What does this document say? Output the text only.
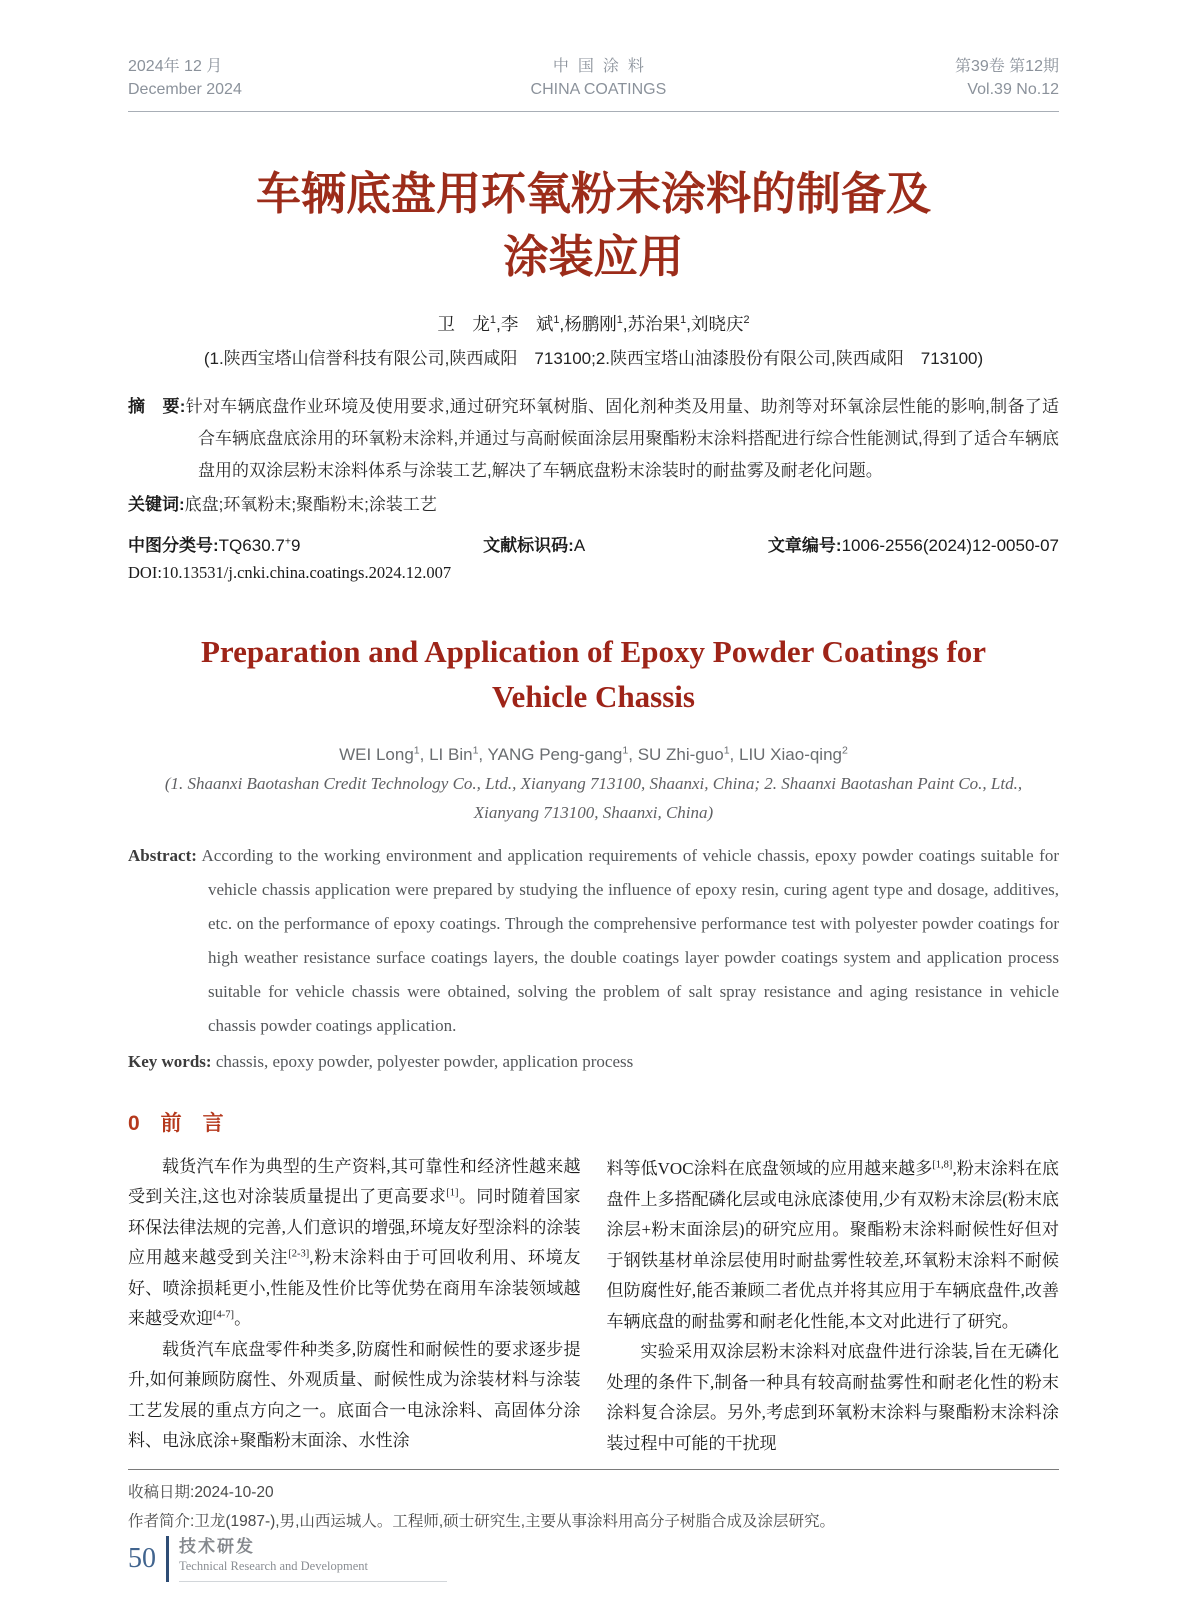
2024年 12 月
December 2024
中国涂料
CHINA COATINGS
第39卷 第12期
Vol.39 No.12
车辆底盘用环氧粉末涂料的制备及
涂装应用
卫　龙$^1$,李　斌$^1$,杨鹏刚$^1$,苏治果$^1$,刘晓庆$^2$
(1.陕西宝塔山信誉科技有限公司,陕西咸阳　713100;2.陕西宝塔山油漆股份有限公司,陕西咸阳　713100)
摘　要:针对车辆底盘作业环境及使用要求,通过研究环氧树脂、固化剂种类及用量、助剂等对环氧涂层性能的影响,制备了适合车辆底盘底涂用的环氧粉末涂料,并通过与高耐候面涂层用聚酯粉末涂料搭配进行综合性能测试,得到了适合车辆底盘用的双涂层粉末涂料体系与涂装工艺,解决了车辆底盘粉末涂装时的耐盐雾及耐老化问题。
关键词:底盘;环氧粉末;聚酯粉末;涂装工艺
中图分类号:TQ630.7+9	文献标识码:A	文章编号:1006-2556(2024)12-0050-07
DOI:10.13531/j.cnki.china.coatings.2024.12.007
Preparation and Application of Epoxy Powder Coatings for
Vehicle Chassis
WEI Long$^1$, LI Bin$^1$, YANG Peng-gang$^1$, SU Zhi-guo$^1$, LIU Xiao-qing$^2$
(1. Shaanxi Baotashan Credit Technology Co., Ltd., Xianyang 713100, Shaanxi, China; 2. Shaanxi Baotashan Paint Co., Ltd., Xianyang 713100, Shaanxi, China)
Abstract: According to the working environment and application requirements of vehicle chassis, epoxy powder coatings suitable for vehicle chassis application were prepared by studying the influence of epoxy resin, curing agent type and dosage, additives, etc. on the performance of epoxy coatings. Through the comprehensive performance test with polyester powder coatings for high weather resistance surface coatings layers, the double coatings layer powder coatings system and application process suitable for vehicle chassis were obtained, solving the problem of salt spray resistance and aging resistance in vehicle chassis powder coatings application.
Key words: chassis, epoxy powder, polyester powder, application process
0　前　言

载货汽车作为典型的生产资料,其可靠性和经济性越来越受到关注,这也对涂装质量提出了更高要求[1]。同时随着国家环保法律法规的完善,人们意识的增强,环境友好型涂料的涂装应用越来越受到关注[2-3],粉末涂料由于可回收利用、环境友好、喷涂损耗更小,性能及性价比等优势在商用车涂装领域越来越受欢迎[4-7]。

载货汽车底盘零件种类多,防腐性和耐候性的要求逐步提升,如何兼顾防腐性、外观质量、耐候性成为涂装材料与涂装工艺发展的重点方向之一。底面合一电泳涂料、高固体分涂料、电泳底涂+聚酯粉末面涂、水性涂

料等低VOC涂料在底盘领域的应用越来越多[1,8],粉末涂料在底盘件上多搭配磷化层或电泳底漆使用,少有双粉末涂层(粉末底涂层+粉末面涂层)的研究应用。聚酯粉末涂料耐候性好但对于钢铁基材单涂层使用时耐盐雾性较差,环氧粉末涂料不耐候但防腐性好,能否兼顾二者优点并将其应用于车辆底盘件,改善车辆底盘的耐盐雾和耐老化性能,本文对此进行了研究。

实验采用双涂层粉末涂料对底盘件进行涂装,旨在无磷化处理的条件下,制备一种具有较高耐盐雾性和耐老化性的粉末涂料复合涂层。另外,考虑到环氧粉末涂料与聚酯粉末涂料涂装过程中可能的干扰现

收稿日期:2024-10-20
作者简介:卫龙(1987-),男,山西运城人。工程师,硕士研究生,主要从事涂料用高分子树脂合成及涂层研究。
50 技术研发
Technical Research and Development
